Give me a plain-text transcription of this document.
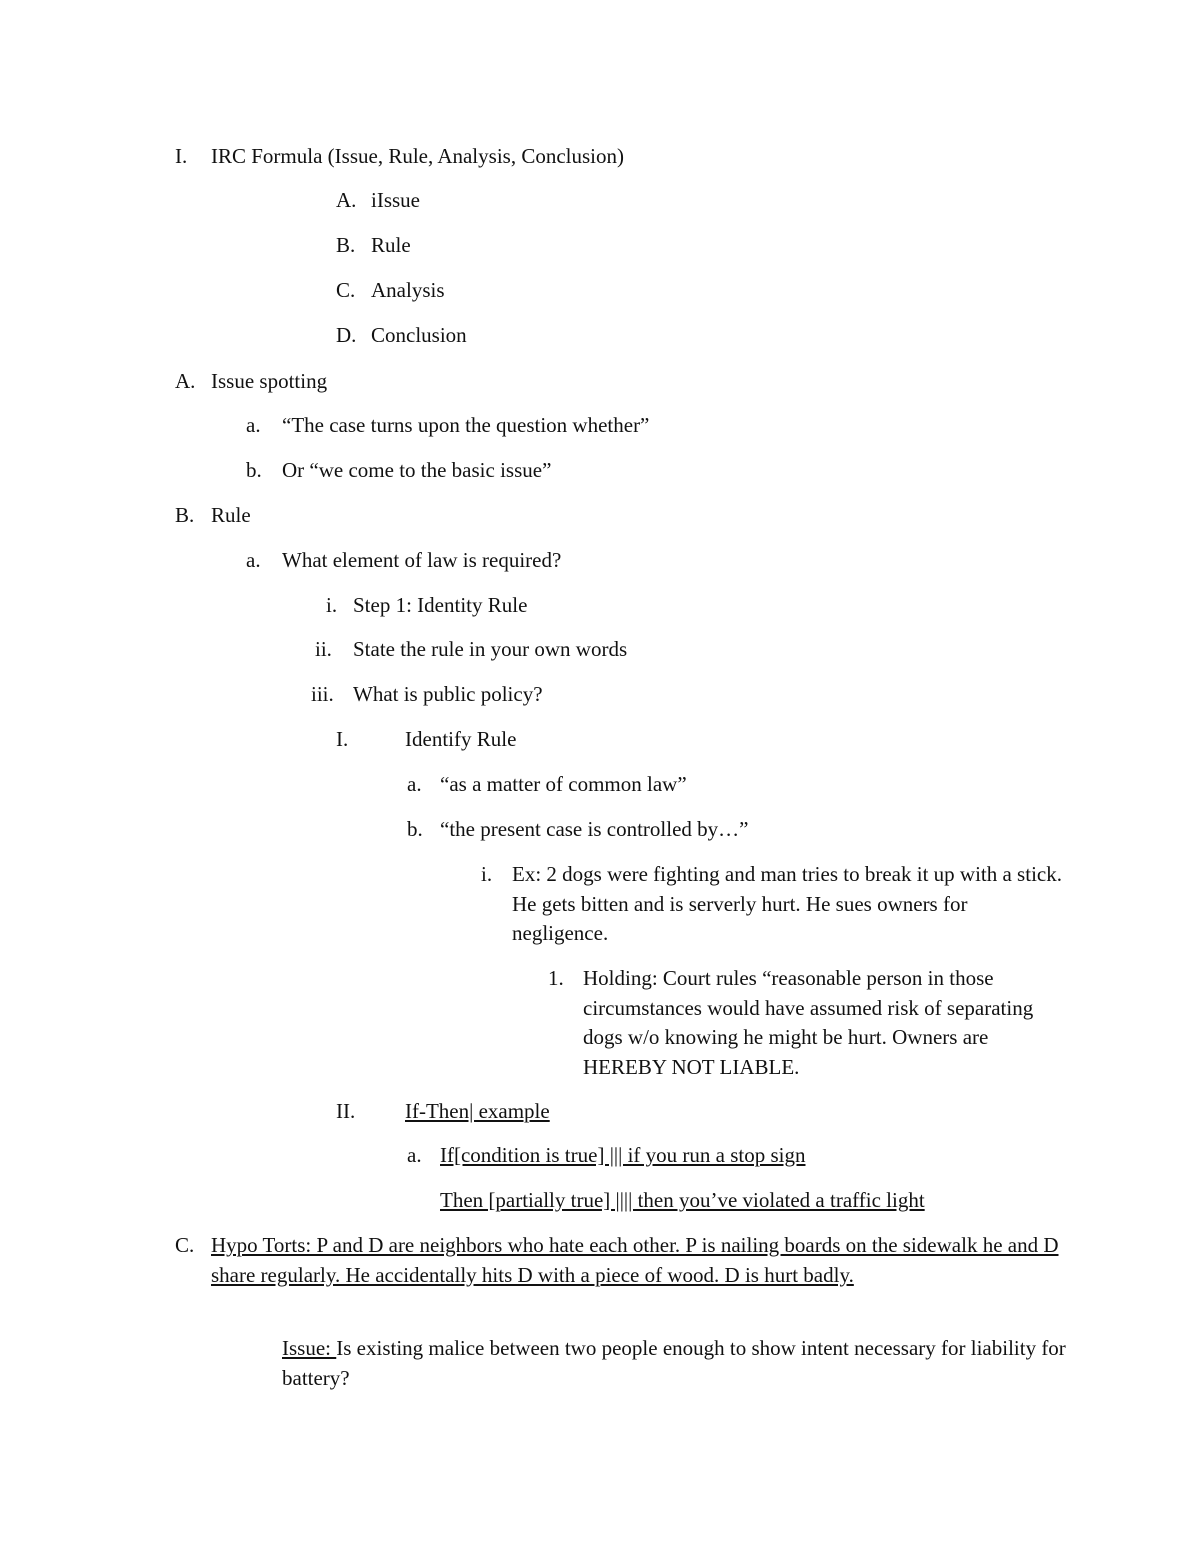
I. IRC Formula (Issue, Rule, Analysis, Conclusion)
A. iIssue
B. Rule
C. Analysis
D. Conclusion
A. Issue spotting
a. “The case turns upon the question whether”
b. Or “we come to the basic issue”
B. Rule
a. What element of law is required?
i. Step 1: Identity Rule
ii. State the rule in your own words
iii. What is public policy?
I.	Identify Rule
a. “as a matter of common law”
b. “the present case is controlled by…”
i. Ex: 2 dogs were fighting and man tries to break it up with a stick. He gets bitten and is serverly hurt. He sues owners for negligence.
1. Holding: Court rules “reasonable person in those circumstances would have assumed risk of separating dogs w/o knowing he might be hurt. Owners are HEREBY NOT LIABLE.
II. If-Then| example
a. If[condition is true] ||| if you run a stop sign
Then [partially true] |||| then you’ve violated a traffic light
C. Hypo Torts: P and D are neighbors who hate each other. P is nailing boards on the sidewalk he and D share regularly. He accidentally hits D with a piece of wood. D is hurt badly.
Issue: Is existing malice between two people enough to show intent necessary for liability for battery?
